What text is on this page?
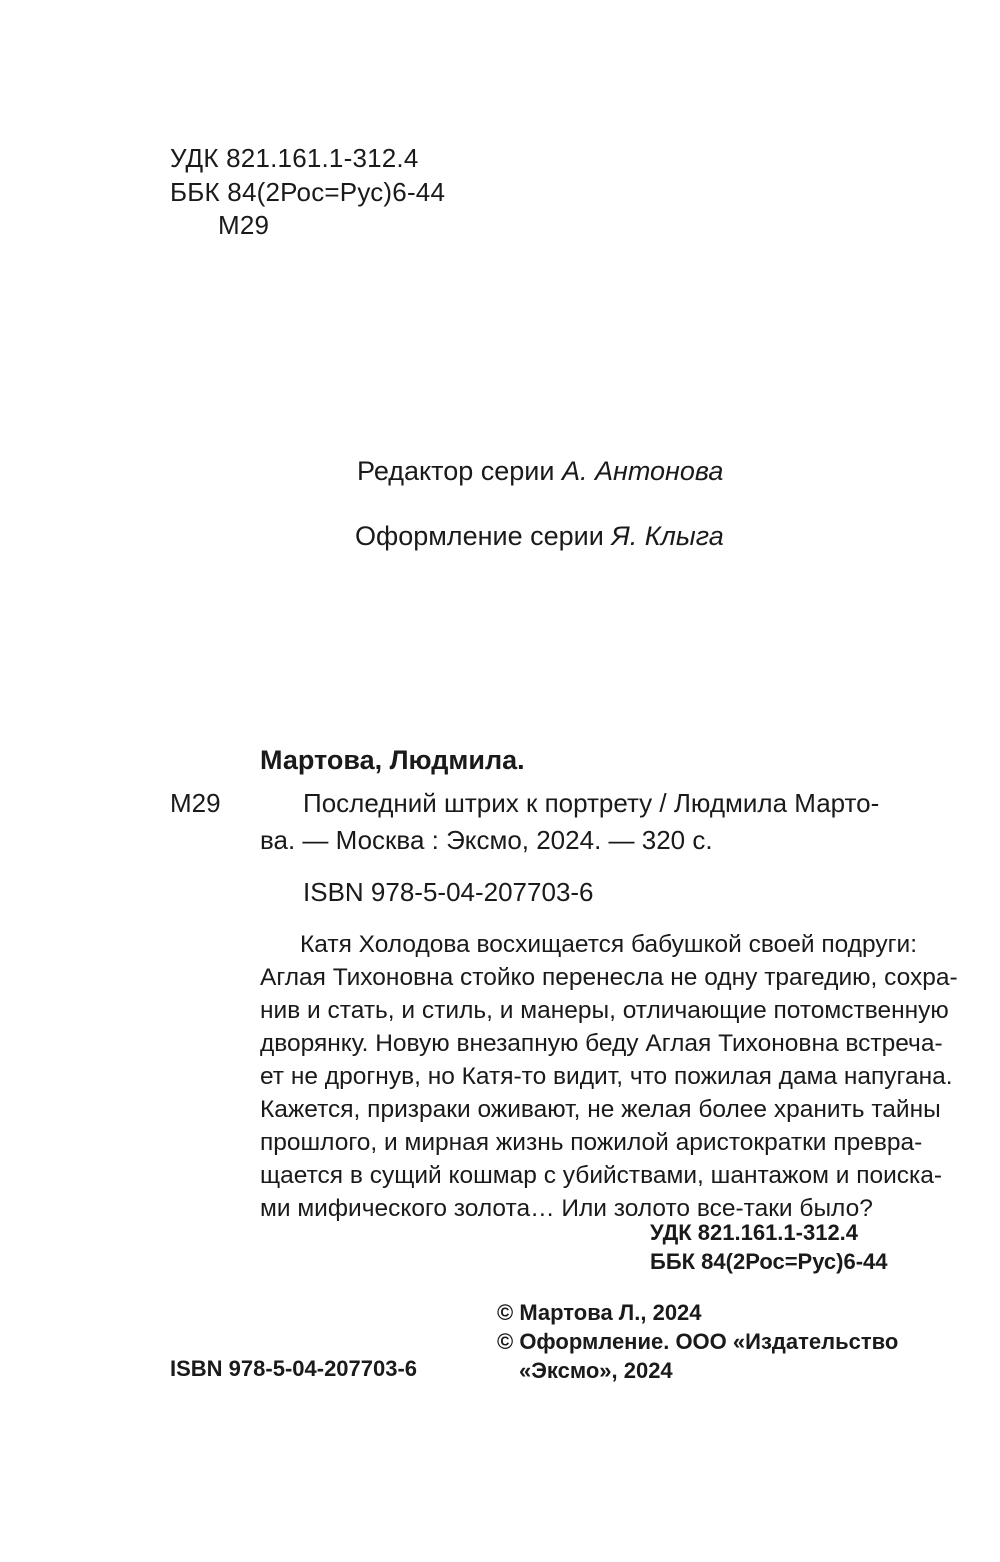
УДК 821.161.1-312.4
ББК 84(2Рос=Рус)6-44
М29
Редактор серии А. Антонова
Оформление серии Я. Клыга
Мартова, Людмила.
М29	Последний штрих к портрету / Людмила Марто-
ва. — Москва : Эксмо, 2024. — 320 с.
ISBN 978-5-04-207703-6
Катя Холодова восхищается бабушкой своей подруги:
Аглая Тихоновна стойко перенесла не одну трагедию, сохра-
нив и стать, и стиль, и манеры, отличающие потомственную
дворянку. Новую внезапную беду Аглая Тихоновна встреча-
ет не дрогнув, но Катя-то видит, что пожилая дама напугана.
Кажется, призраки оживают, не желая более хранить тайны
прошлого, и мирная жизнь пожилой аристократки превра-
щается в сущий кошмар с убийствами, шантажом и поиска-
ми мифического золота… Или золото все-таки было?
УДК 821.161.1-312.4
ББК 84(2Рос=Рус)6-44
© Мартова Л., 2024
© Оформление. ООО «Издательство
«Эксмо», 2024
ISBN 978-5-04-207703-6
